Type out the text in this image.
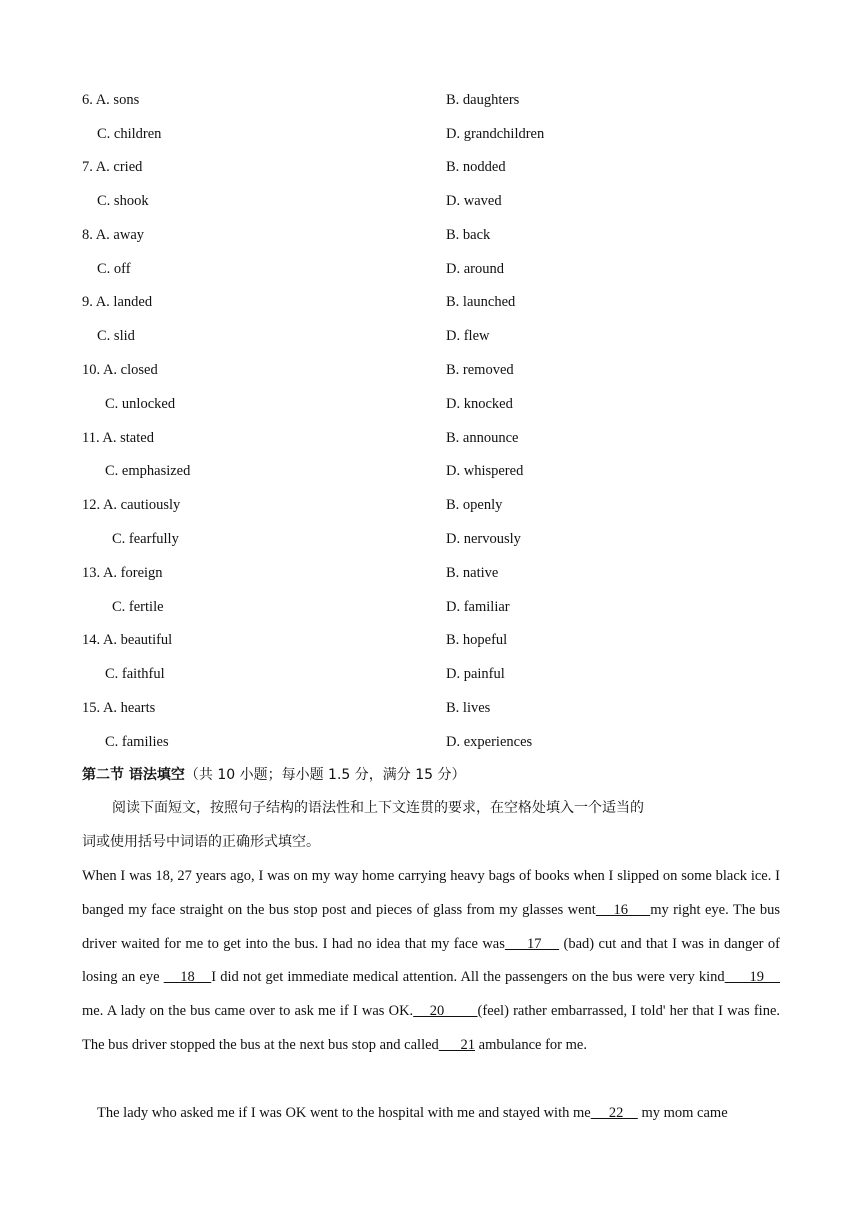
6. A. sons	B. daughters
C. children	D. grandchildren
7. A. cried	B. nodded
C. shook	D. waved
8. A. away	B. back
C. off	D. around
9. A. landed	B. launched
C. slid	D. flew
10. A. closed	B. removed
C. unlocked	D. knocked
11. A. stated	B. announce
C. emphasized	D. whispered
12. A. cautiously	B. openly
C. fearfully	D. nervously
13. A. foreign	B. native
C. fertile	D. familiar
14. A. beautiful	B. hopeful
C. faithful	D. painful
15. A. hearts	B. lives
C. families	D. experiences
第二节 语法填空（共 10 小题；每小题 1.5 分，满分 15 分）
阅读下面短文，按照句子结构的语法性和上下文连贯的要求，在空格处填入一个适当的
词或使用括号中词语的正确形式填空。
When I was 18, 27 years ago, I was on my way home carrying heavy bags of books when I slipped on some black ice. I banged my face straight on the bus stop post and pieces of glass from my glasses went    16     my right eye. The bus driver waited for me to get into the bus. I had no idea that my face was     17     (bad) cut and that I was in danger of losing an eye     18    I did not get immediate medical attention. All the passengers on the bus were very kind      19     me. A lady on the bus came over to ask me if I was OK.    20        (feel) rather embarrassed, I told' her that I was fine. The bus driver stopped the bus at the next bus stop and called      21 ambulance for me.
The lady who asked me if I was OK went to the hospital with me and stayed with me     22     my mom came
